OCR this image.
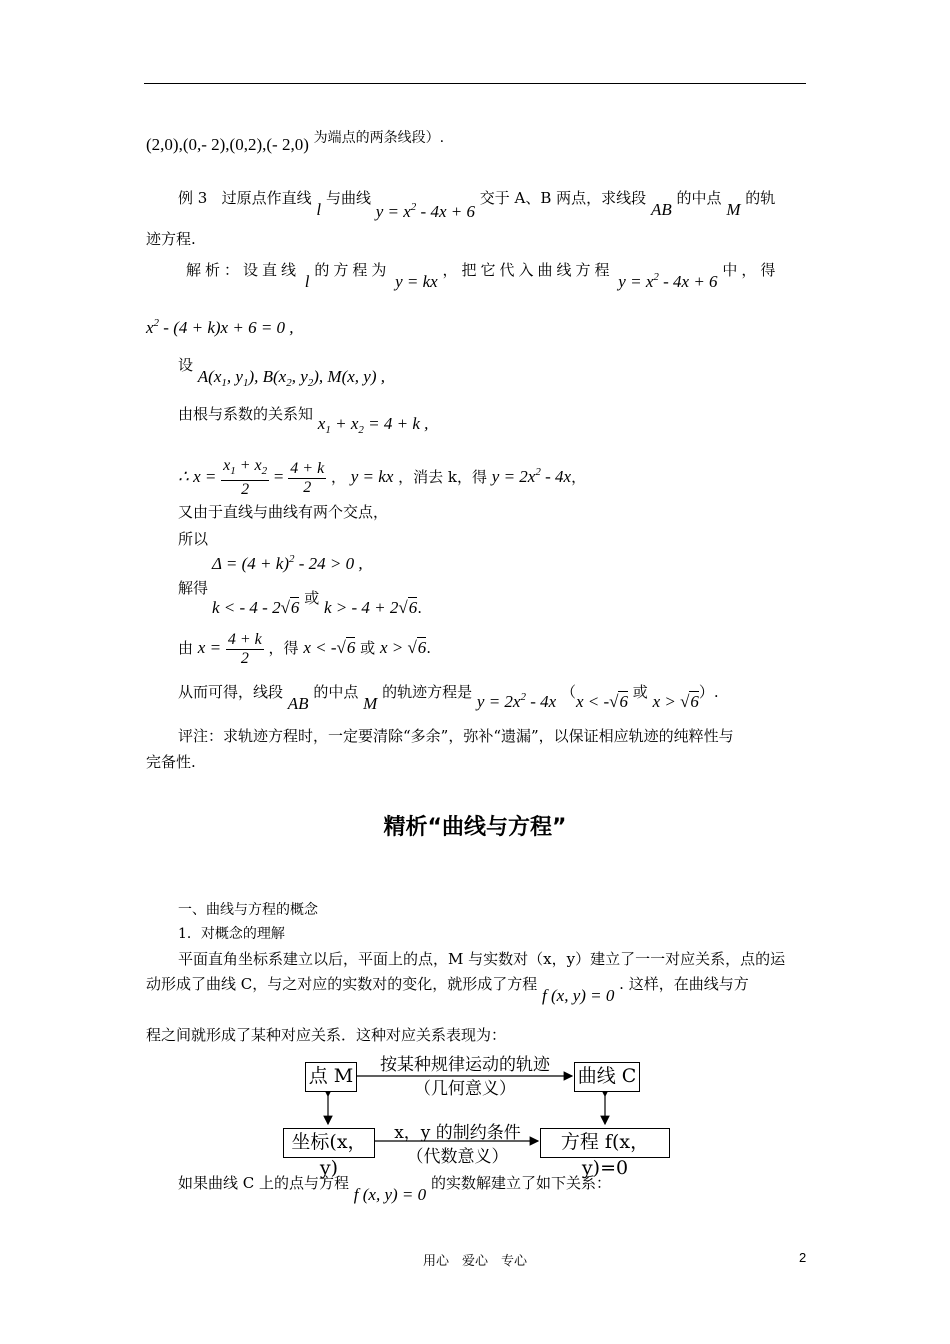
(2,0),(0,- 2),(0,2),(- 2,0) 为端点的两条线段）.
例 3 过原点作直线 l 与曲线 $y = x^2 - 4x + 6$ 交于 A、B 两点，求线段 AB 的中点 M 的轨
迹方程.
解析：设直线 l 的方程为 y = kx ，把它代入曲线方程 $y = x^2 - 4x + 6$ 中，得
$x^2 - (4 + k)x + 6 = 0$ ,
设 $A(x_1$, $y_1$), $B(x_2$, $y_2$), M(x, y) ,
由根与系数的关系知 $x_1 + x_2 = 4 + k$ ,
∴ $x = \frac{x_1 + x_2}{2} = \frac{4 + k}{2}$ ， y = kx ，消去 k，得 $y = 2x^2 - 4x$，
又由于直线与曲线有两个交点，
所以
$\Delta = (4 + k)^2 - 24 > 0$ ,
解得
k < - 4 - 2√6 或 k > - 4 + 2√6.
由 $x = \frac{4 + k}{2}$ ，得 x < -√6 或 x > √6.
从而可得，线段 AB 的中点 M 的轨迹方程是 $y = 2x^2 - 4x$ （x < -√6 或 x > √6）.
评注：求轨迹方程时，一定要清除“多余”，弥补“遗漏”，以保证相应轨迹的纯粹性与
完备性.
精析“曲线与方程”
一、曲线与方程的概念
1．对概念的理解
平面直角坐标系建立以后，平面上的点，M 与实数对（x，y）建立了一一对应关系，点的运
动形成了曲线 C，与之对应的实数对的变化，就形成了方程 f (x, y) = 0 . 这样，在曲线与方
程之间就形成了某种对应关系．这种对应关系表现为：
点 M	按某种规律运动的轨迹
（几何意义）
曲线 C
坐标(x，y)
x，y 的制约条件
（代数意义）
方程 f(x，y)=0
如果曲线 C 上的点与方程 f (x, y) = 0 的实数解建立了如下关系：
用心　爱心　专心	2
